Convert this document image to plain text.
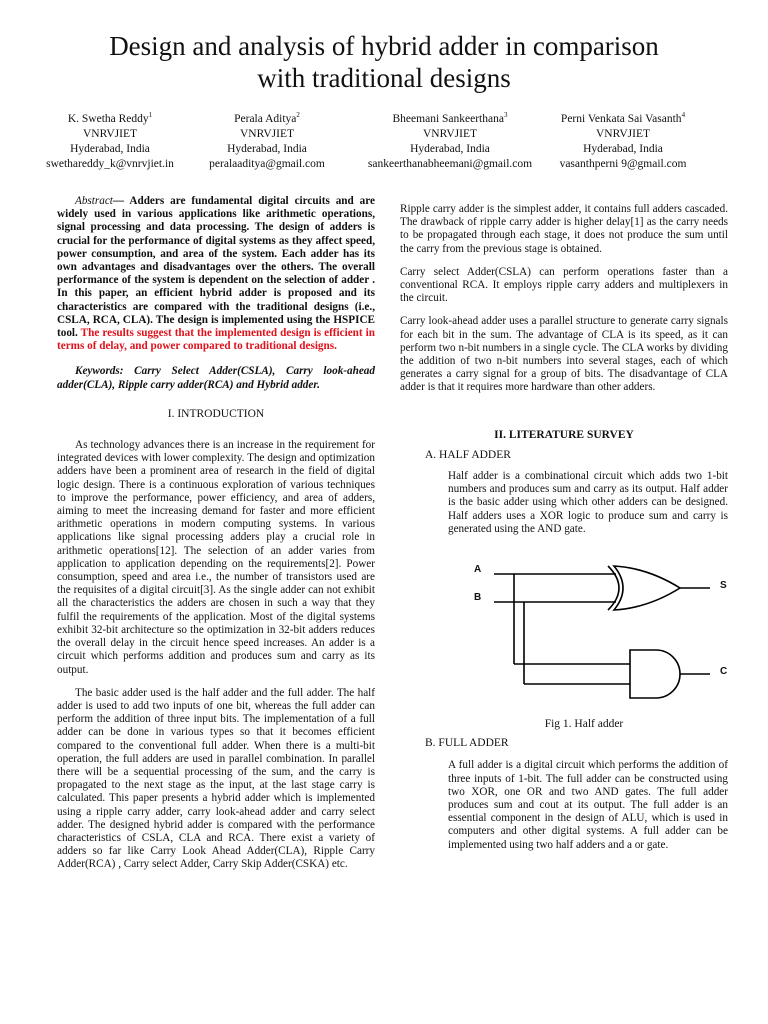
Design and analysis of hybrid adder in comparison
with traditional designs
K. Swetha Reddy$^1$
VNRVJIET
Hyderabad, India
swethareddy_k@vnrvjiet.in
Perala Aditya$^2$
VNRVJIET
Hyderabad, India
peralaaditya@gmail.com
Bheemani Sankeerthana$^3$
VNRVJIET
Hyderabad, India
sankeerthanabheemani@gmail.com
Perni Venkata Sai Vasanth$^4$
VNRVJIET
Hyderabad, India
vasanthperni 9@gmail.com

Abstract— Adders are fundamental digital circuits and are widely used in various applications like arithmetic operations, signal processing and data processing. The design of adders is crucial for the performance of digital systems as they affect speed, power consumption, and area of the system. Each adder has its own advantages and disadvantages over the others. The overall performance of the system is dependent on the selection of adder . In this paper, an efficient hybrid adder is proposed and its characteristics are compared with the traditional designs (i.e., CSLA, RCA, CLA). The design is implemented using the HSPICE tool. The results suggest that the implemented design is efficient in terms of delay, and power compared to traditional designs.

Keywords: Carry Select Adder(CSLA), Carry look-ahead adder(CLA), Ripple carry adder(RCA) and Hybrid adder.

I. INTRODUCTION

As technology advances there is an increase in the requirement for integrated devices with lower complexity. The design and optimization adders have been a prominent area of research in the field of digital logic design. There is a continuous exploration of various techniques to improve the performance, power efficiency, and area of adders, aiming to meet the increasing demand for faster and more efficient arithmetic operations in modern computing systems. In various applications like signal processing adders play a crucial role in arithmetic operations[12]. The selection of an adder varies from application to application depending on the requirements[2]. Power consumption, speed and area i.e., the number of transistors used are the requisites of a digital circuit[3]. As the single adder can not exhibit all the characteristics the adders are chosen in such a way that they fulfil the requirements of the application. Most of the digital systems exhibit 32-bit architecture so the optimization in 32-bit adders reduces the overall delay in the circuit hence speed increases. An adder is a circuit which performs addition and produces sum and carry as its output.

The basic adder used is the half adder and the full adder. The half adder is used to add two inputs of one bit, whereas the full adder can perform the addition of three input bits. The implementation of a full adder can be done in various types so that it becomes efficient compared to the conventional full adder. When there is a multi-bit operation, the full adders are used in parallel combination. In parallel there will be a sequential processing of the sum, and the carry is propagated to the next stage as the input, at the last stage carry is calculated. This paper presents a hybrid adder which is implemented using a ripple carry adder, carry look-ahead adder and carry select adder. The designed hybrid adder is compared with the performance characteristics of CSLA, CLA and RCA. There exist a variety of adders so far like Carry Look Ahead Adder(CLA), Ripple Carry Adder(RCA) , Carry select Adder, Carry Skip Adder(CSKA) etc.

Ripple carry adder is the simplest adder, it contains full adders cascaded. The drawback of ripple carry adder is higher delay[1] as the carry needs to be propagated through each stage, it does not produce the sum until the carry from the previous stage is obtained.

Carry select Adder(CSLA) can perform operations faster than a conventional RCA. It employs ripple carry adders and multiplexers in the circuit.

Carry look-ahead adder uses a parallel structure to generate carry signals for each bit in the sum. The advantage of CLA is its speed, as it can perform two n-bit numbers in a single cycle. The CLA works by dividing the addition of two n-bit numbers into several stages, each of which generates a carry signal for a group of bits. The disadvantage of CLA adder is that it requires more hardware than other adders.

II. LITERATURE SURVEY

A. HALF ADDER

Half adder is a combinational circuit which adds two 1-bit numbers and produces sum and carry as its output. Half adder is the basic adder using which other adders can be designed. Half adders uses a XOR logic to produce sum and carry is generated using the AND gate.

A
B
S
C

Fig 1. Half adder

B. FULL ADDER

A full adder is a digital circuit which performs the addition of three inputs of 1-bit. The full adder can be constructed using two XOR, one OR and two AND gates. The full adder produces sum and cout at its output. The full adder is an essential component in the design of ALU, which is used in computers and other digital systems. A full adder can be implemented using two half adders and a or gate.
